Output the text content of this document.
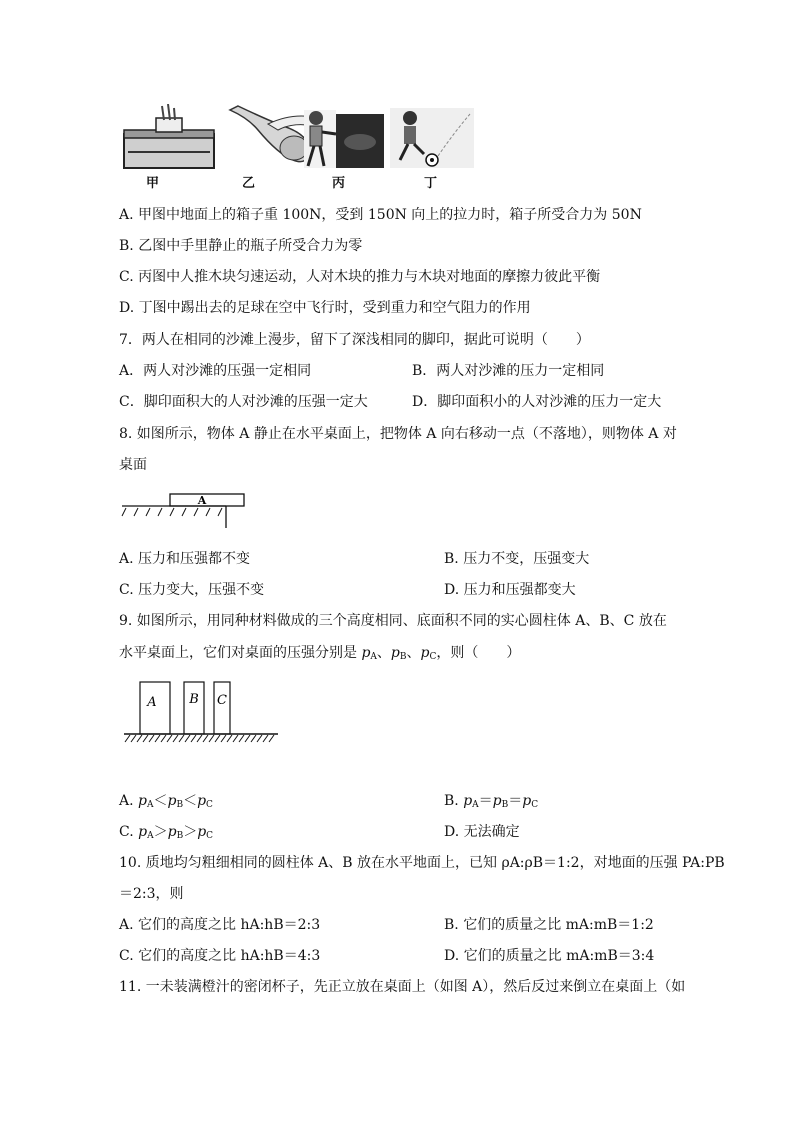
甲	乙	丙	丁
A. 甲图中地面上的箱子重 100N，受到 150N 向上的拉力时，箱子所受合力为 50N
B. 乙图中手里静止的瓶子所受合力为零
C. 丙图中人推木块匀速运动，人对木块的推力与木块对地面的摩擦力彼此平衡
D. 丁图中踢出去的足球在空中飞行时，受到重力和空气阻力的作用
7．两人在相同的沙滩上漫步，留下了深浅相同的脚印，据此可说明（　　）
A．两人对沙滩的压强一定相同	B．两人对沙滩的压力一定相同
C．脚印面积大的人对沙滩的压强一定大	D．脚印面积小的人对沙滩的压力一定大
8. 如图所示，物体 A 静止在水平桌面上，把物体 A 向右移动一点（不落地），则物体 A 对
桌面
A
A. 压力和压强都不变	B. 压力不变，压强变大
C. 压力变大，压强不变	D. 压力和压强都变大
9. 如图所示，用同种材料做成的三个高度相同、底面积不同的实心圆柱体 A、B、C 放在
水平桌面上，它们对桌面的压强分别是 $p_A$、$p_B$、$p_C$，则（　　）
A	B C
A. $p_A<p_B<p_C$	B. $p_A=p_B=p_C$
C. $p_A>p_B>p_C$	D. 无法确定
10. 质地均匀粗细相同的圆柱体 A、B 放在水平地面上，已知 ρA:ρB＝1:2，对地面的压强 PA:PB
＝2:3，则
A. 它们的高度之比 hA:hB＝2:3	B. 它们的质量之比 mA:mB＝1:2
C. 它们的高度之比 hA:hB＝4:3	D. 它们的质量之比 mA:mB＝3:4
11. 一未装满橙汁的密闭杯子，先正立放在桌面上（如图 A），然后反过来倒立在桌面上（如
